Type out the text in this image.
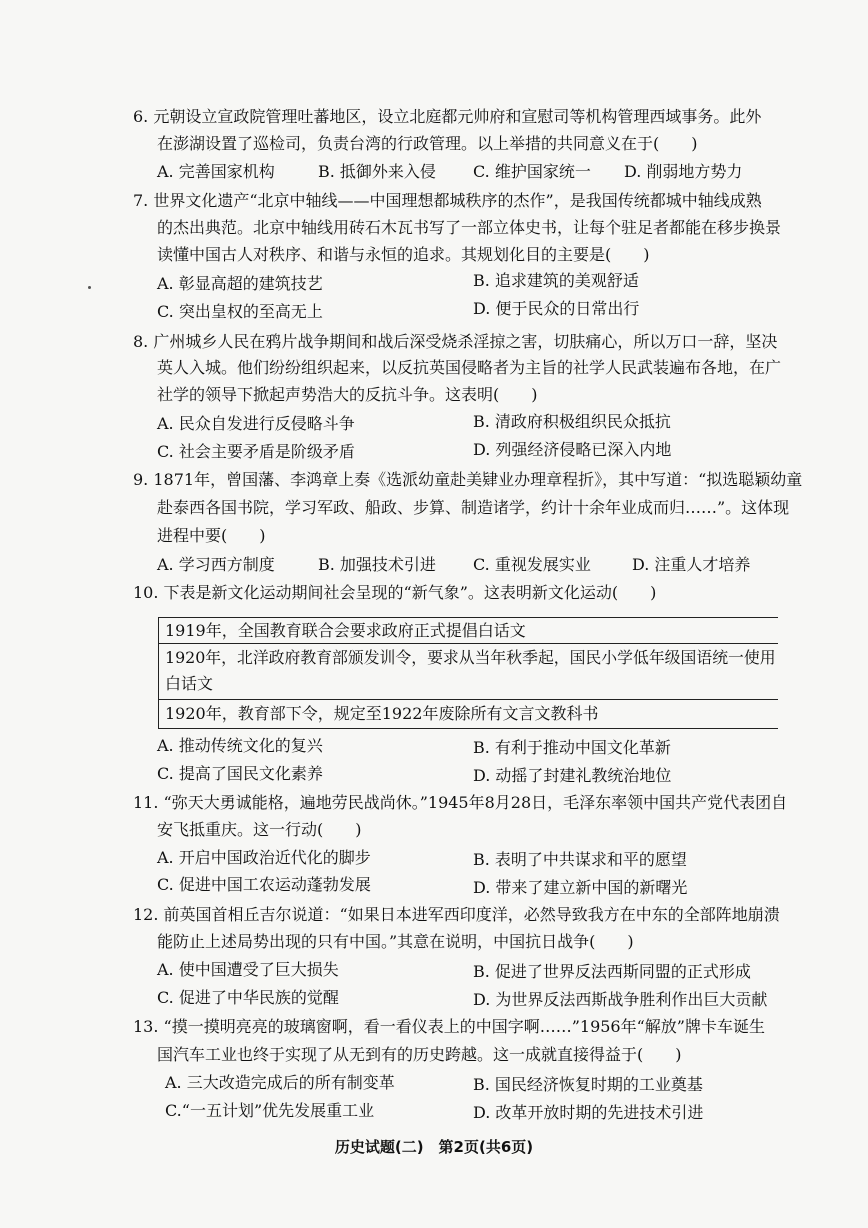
6. 元朝设立宣政院管理吐蕃地区，设立北庭都元帅府和宣慰司等机构管理西域事务。此外
在澎湖设置了巡检司，负责台湾的行政管理。以上举措的共同意义在于(　　)
A. 完善国家机构	B. 抵御外来入侵 C. 维护国家统一 D. 削弱地方势力
7. 世界文化遗产“北京中轴线——中国理想都城秩序的杰作”，是我国传统都城中轴线成熟
的杰出典范。北京中轴线用砖石木瓦书写了一部立体史书，让每个驻足者都能在移步换景
读懂中国古人对秩序、和谐与永恒的追求。其规划化目的主要是(　　)
A. 彰显高超的建筑技艺	B. 追求建筑的美观舒适
C. 突出皇权的至高无上	D. 便于民众的日常出行
8. 广州城乡人民在鸦片战争期间和战后深受烧杀淫掠之害，切肤痛心，所以万口一辞，坚决
英人入城。他们纷纷组织起来，以反抗英国侵略者为主旨的社学人民武装遍布各地，在广
社学的领导下掀起声势浩大的反抗斗争。这表明(　　)
A. 民众自发进行反侵略斗争	B. 清政府积极组织民众抵抗
C. 社会主要矛盾是阶级矛盾	D. 列强经济侵略已深入内地
9. 1871年，曾国藩、李鸿章上奏《选派幼童赴美肄业办理章程折》，其中写道：“拟选聪颖幼童
赴泰西各国书院，学习军政、船政、步算、制造诸学，约计十余年业成而归……”。这体现
进程中要(　　)
A. 学习西方制度	B. 加强技术引进 C. 重视发展实业	D. 注重人才培养
10. 下表是新文化运动期间社会呈现的“新气象”。这表明新文化运动(　　)
1919年，全国教育联合会要求政府正式提倡白话文
1920年，北洋政府教育部颁发训令，要求从当年秋季起，国民小学低年级国语统一使用
白话文
1920年，教育部下令，规定至1922年废除所有文言文教科书
A. 推动传统文化的复兴	B. 有利于推动中国文化革新
C. 提高了国民文化素养	D. 动摇了封建礼教统治地位
11. “弥天大勇诚能格，遍地劳民战尚休。”1945年8月28日，毛泽东率领中国共产党代表团自
安飞抵重庆。这一行动(　　)
A. 开启中国政治近代化的脚步	B. 表明了中共谋求和平的愿望
C. 促进中国工农运动蓬勃发展	D. 带来了建立新中国的新曙光
12. 前英国首相丘吉尔说道：“如果日本进军西印度洋，必然导致我方在中东的全部阵地崩溃
能防止上述局势出现的只有中国。”其意在说明，中国抗日战争(　　)
A. 使中国遭受了巨大损失	B. 促进了世界反法西斯同盟的正式形成
C. 促进了中华民族的觉醒	D. 为世界反法西斯战争胜利作出巨大贡献
13. “摸一摸明亮亮的玻璃窗啊，看一看仪表上的中国字啊……”1956年“解放”牌卡车诞生
国汽车工业也终于实现了从无到有的历史跨越。这一成就直接得益于(　　)
A. 三大改造完成后的所有制变革	B. 国民经济恢复时期的工业奠基
C.“一五计划”优先发展重工业	D. 改革开放时期的先进技术引进
历史试题(二)　第2页(共6页)
